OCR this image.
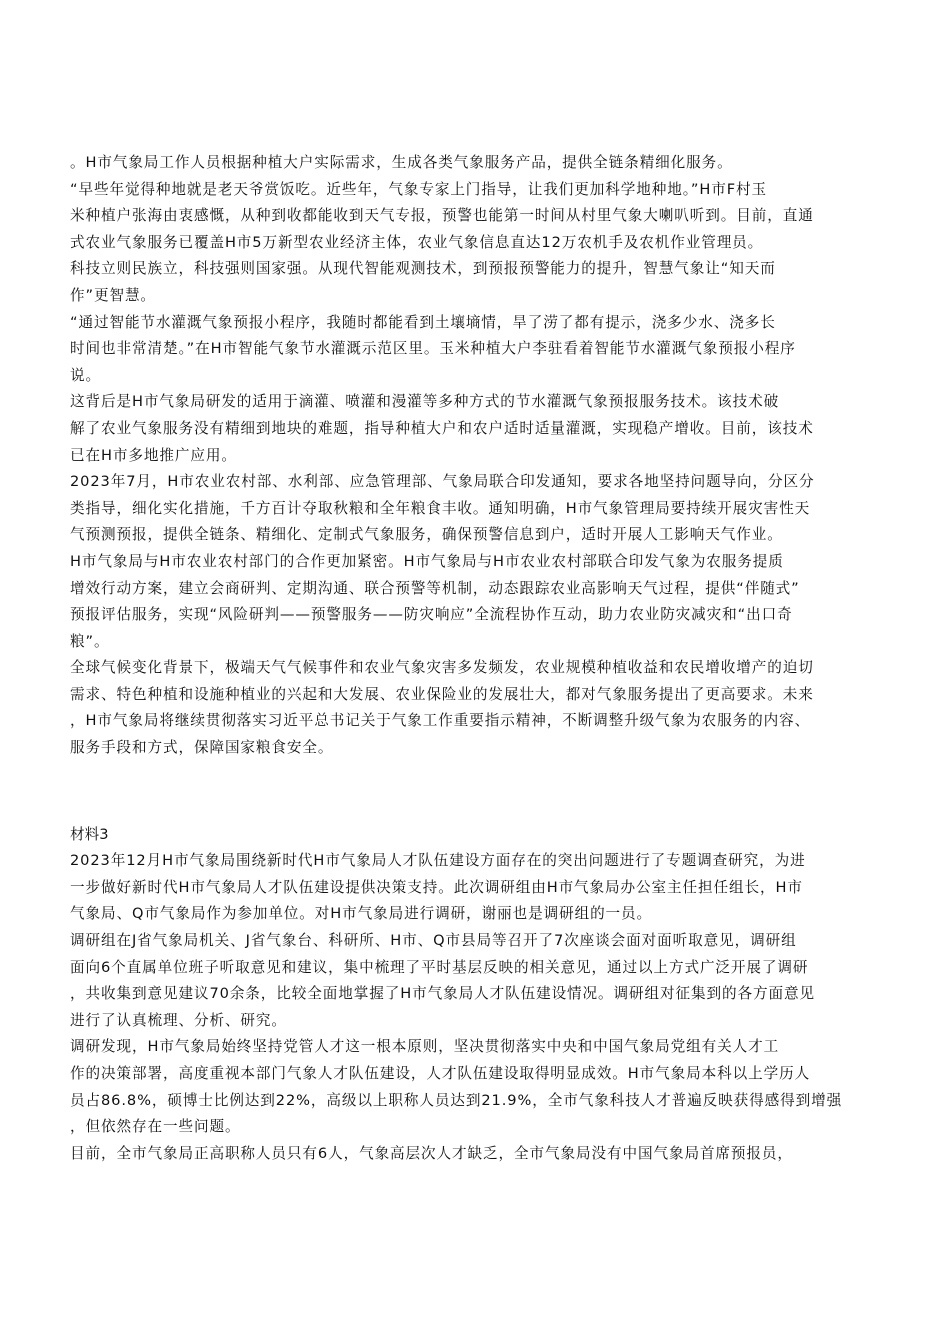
。H市气象局工作人员根据种植大户实际需求，生成各类气象服务产品，提供全链条精细化服务。
“早些年觉得种地就是老天爷赏饭吃。近些年，气象专家上门指导，让我们更加科学地种地。”H市F村玉
米种植户张海由衷感慨，从种到收都能收到天气专报，预警也能第一时间从村里气象大喇叭听到。目前，直通
式农业气象服务已覆盖H市5万新型农业经济主体，农业气象信息直达12万农机手及农机作业管理员。
科技立则民族立，科技强则国家强。从现代智能观测技术，到预报预警能力的提升，智慧气象让“知天而
作”更智慧。
“通过智能节水灌溉气象预报小程序，我随时都能看到土壤墒情，旱了涝了都有提示，浇多少水、浇多长
时间也非常清楚。”在H市智能气象节水灌溉示范区里。玉米种植大户李驻看着智能节水灌溉气象预报小程序
说。
这背后是H市气象局研发的适用于滴灌、喷灌和漫灌等多种方式的节水灌溉气象预报服务技术。该技术破
解了农业气象服务没有精细到地块的难题，指导种植大户和农户适时适量灌溉，实现稳产增收。目前，该技术
已在H市多地推广应用。
2023年7月，H市农业农村部、水利部、应急管理部、气象局联合印发通知，要求各地坚持问题导向，分区分
类指导，细化实化措施，千方百计夺取秋粮和全年粮食丰收。通知明确，H市气象管理局要持续开展灾害性天
气预测预报，提供全链条、精细化、定制式气象服务，确保预警信息到户，适时开展人工影响天气作业。
H市气象局与H市农业农村部门的合作更加紧密。H市气象局与H市农业农村部联合印发气象为农服务提质
增效行动方案，建立会商研判、定期沟通、联合预警等机制，动态跟踪农业高影响天气过程，提供“伴随式”
预报评估服务，实现“风险研判——预警服务——防灾响应”全流程协作互动，助力农业防灾减灾和“出口奇
粮”。
全球气候变化背景下，极端天气气候事件和农业气象灾害多发频发，农业规模种植收益和农民增收增产的迫切
需求、特色种植和设施种植业的兴起和大发展、农业保险业的发展壮大，都对气象服务提出了更高要求。未来
，H市气象局将继续贯彻落实习近平总书记关于气象工作重要指示精神，不断调整升级气象为农服务的内容、
服务手段和方式，保障国家粮食安全。
材料3
2023年12月H市气象局围绕新时代H市气象局人才队伍建设方面存在的突出问题进行了专题调查研究，为进
一步做好新时代H市气象局人才队伍建设提供决策支持。此次调研组由H市气象局办公室主任担任组长，H市
气象局、Q市气象局作为参加单位。对H市气象局进行调研，谢丽也是调研组的一员。
调研组在J省气象局机关、J省气象台、科研所、H市、Q市县局等召开了7次座谈会面对面听取意见，调研组
面向6个直属单位班子听取意见和建议，集中梳理了平时基层反映的相关意见，通过以上方式广泛开展了调研
，共收集到意见建议70余条，比较全面地掌握了H市气象局人才队伍建设情况。调研组对征集到的各方面意见
进行了认真梳理、分析、研究。
调研发现，H市气象局始终坚持党管人才这一根本原则，坚决贯彻落实中央和中国气象局党组有关人才工
作的决策部署，高度重视本部门气象人才队伍建设，人才队伍建设取得明显成效。H市气象局本科以上学历人
员占86.8%，硕博士比例达到22%，高级以上职称人员达到21.9%，全市气象科技人才普遍反映获得感得到增强
，但依然存在一些问题。
目前，全市气象局正高职称人员只有6人，气象高层次人才缺乏，全市气象局没有中国气象局首席预报员，
